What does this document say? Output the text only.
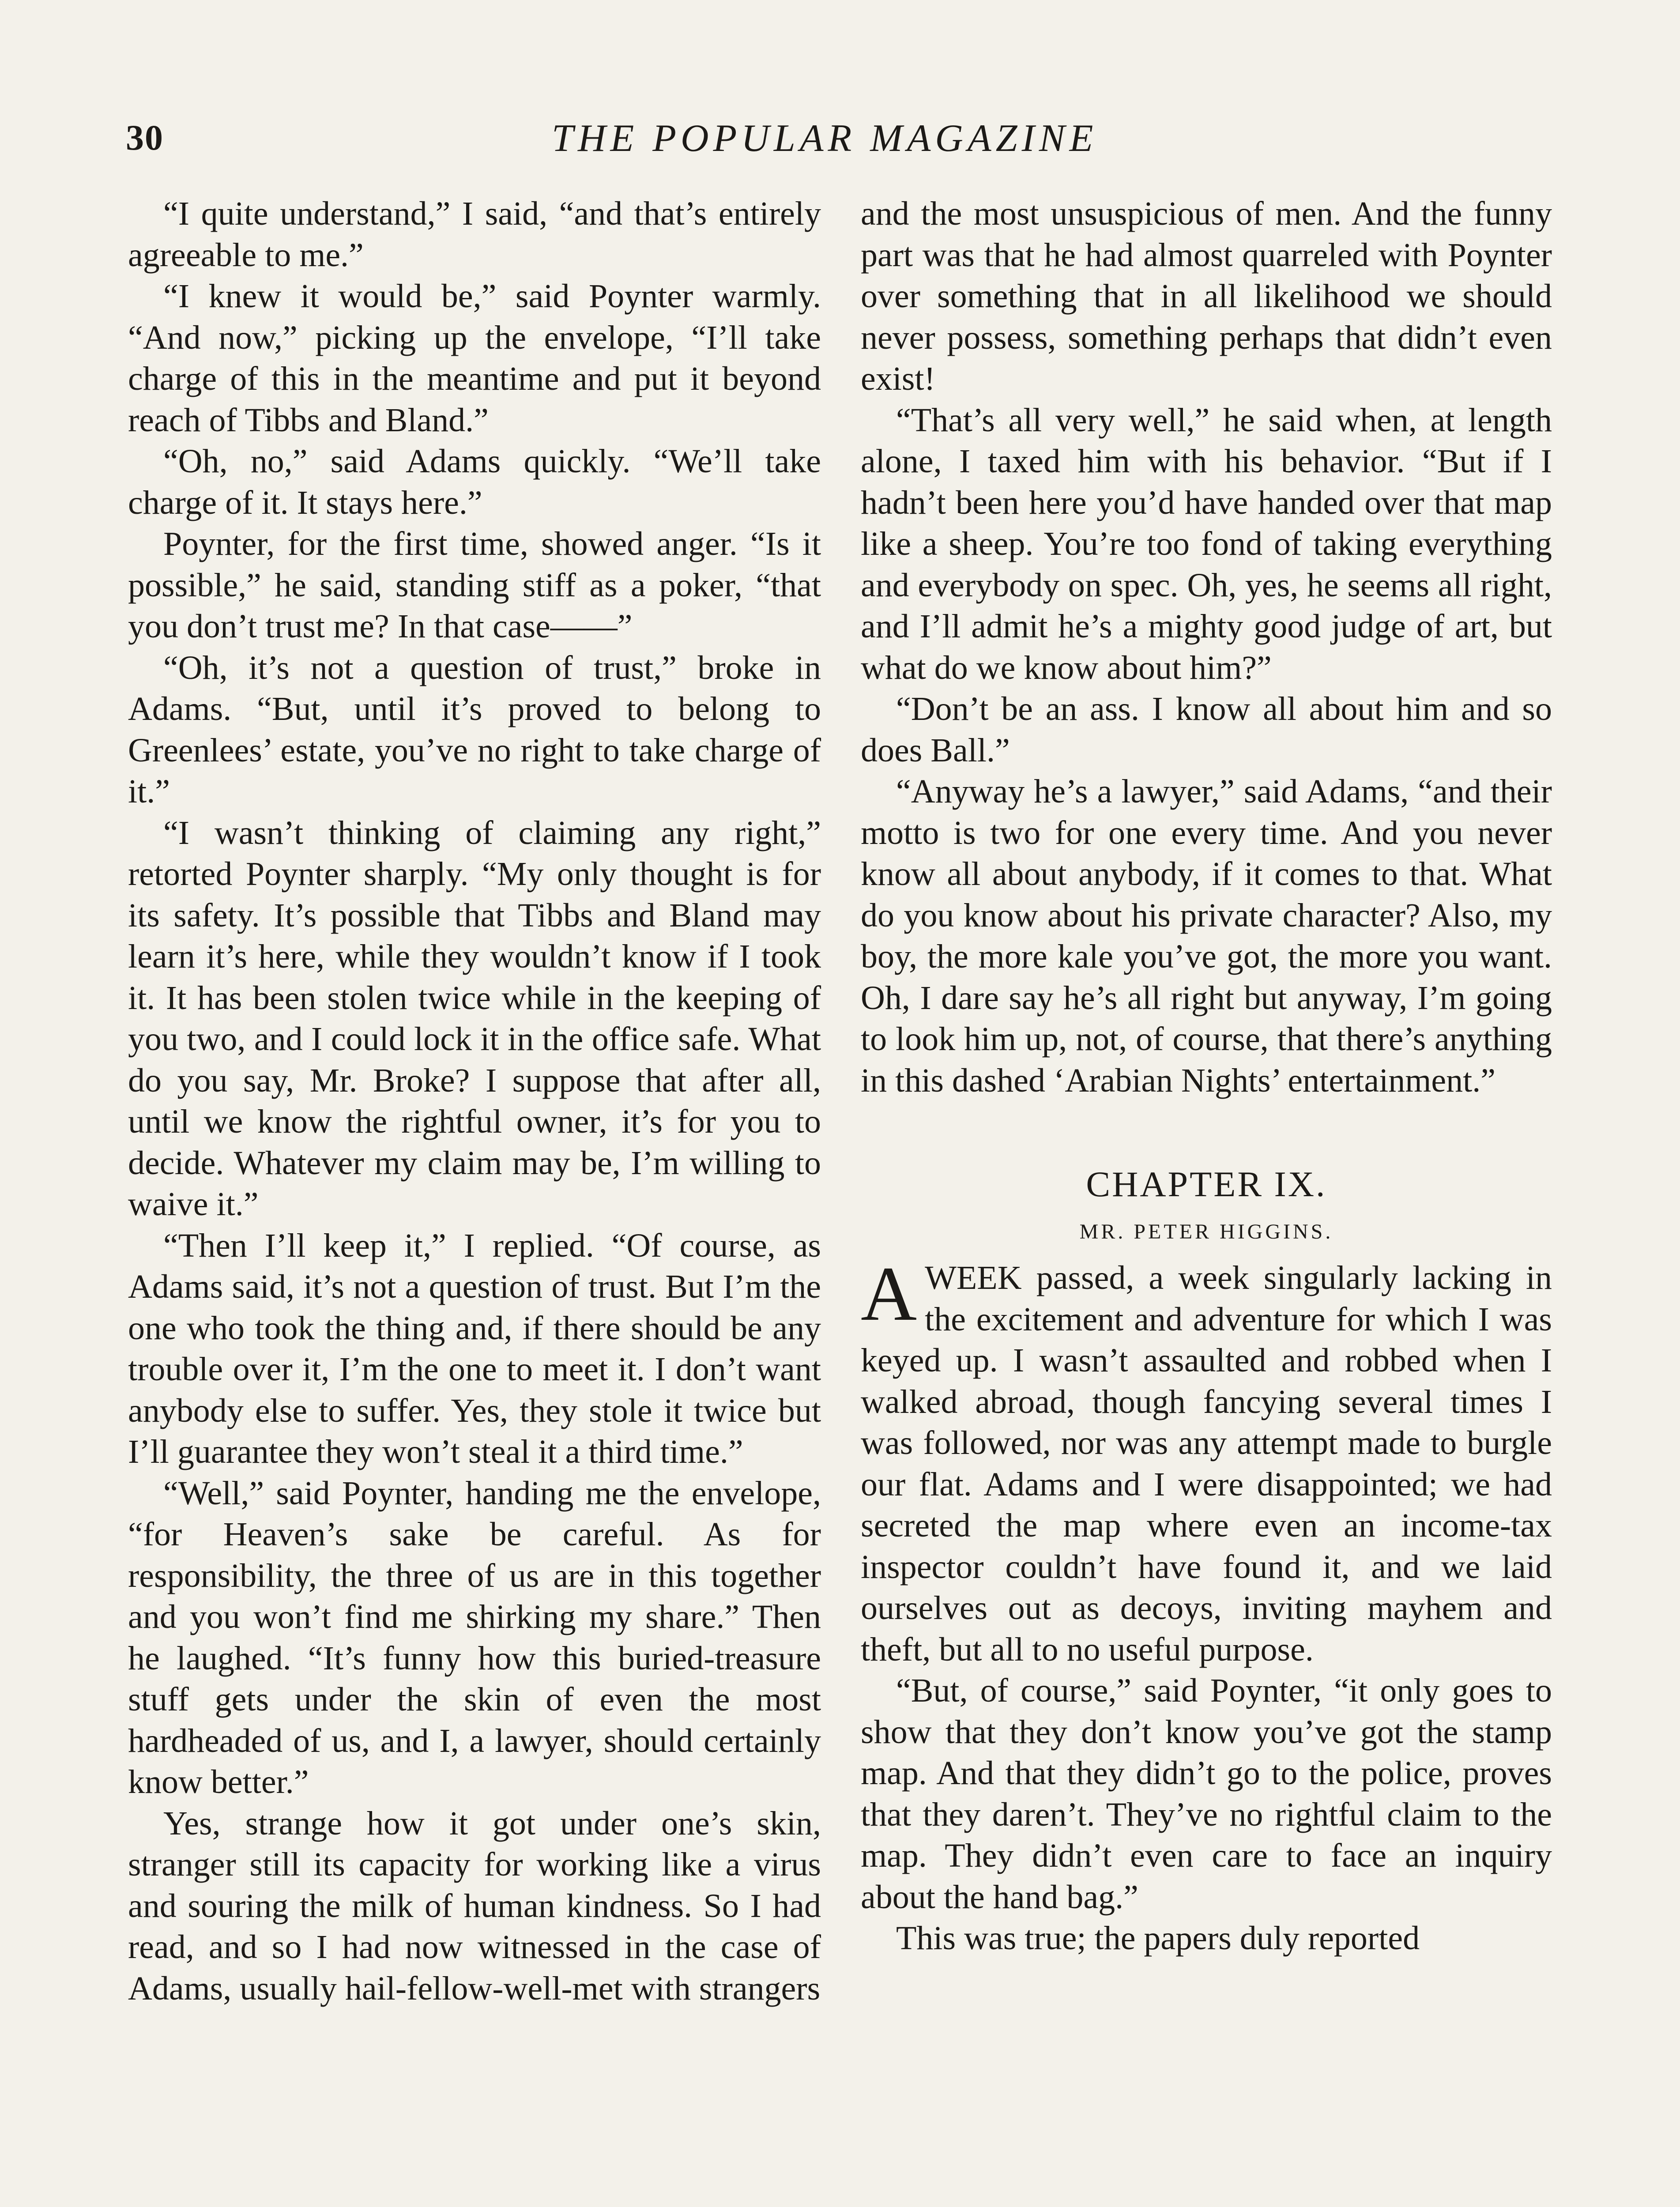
30	THE POPULAR MAGAZINE

“I quite understand,” I said, “and that’s entirely agreeable to me.”

“I knew it would be,” said Poynter warmly. “And now,” picking up the envelope, “I’ll take charge of this in the meantime and put it beyond reach of Tibbs and Bland.”

“Oh, no,” said Adams quickly. “We’ll take charge of it. It stays here.”

Poynter, for the first time, showed anger. “Is it possible,” he said, standing stiff as a poker, “that you don’t trust me? In that case——”

“Oh, it’s not a question of trust,” broke in Adams. “But, until it’s proved to belong to Greenlees’ estate, you’ve no right to take charge of it.”

“I wasn’t thinking of claiming any right,” retorted Poynter sharply. “My only thought is for its safety. It’s possible that Tibbs and Bland may learn it’s here, while they wouldn’t know if I took it. It has been stolen twice while in the keeping of you two, and I could lock it in the office safe. What do you say, Mr. Broke? I suppose that after all, until we know the rightful owner, it’s for you to decide. Whatever my claim may be, I’m willing to waive it.”

“Then I’ll keep it,” I replied. “Of course, as Adams said, it’s not a question of trust. But I’m the one who took the thing and, if there should be any trouble over it, I’m the one to meet it. I don’t want anybody else to suffer. Yes, they stole it twice but I’ll guarantee they won’t steal it a third time.”

“Well,” said Poynter, handing me the envelope, “for Heaven’s sake be careful. As for responsibility, the three of us are in this together and you won’t find me shirking my share.” Then he laughed. “It’s funny how this buried-treasure stuff gets under the skin of even the most hardheaded of us, and I, a lawyer, should certainly know better.”

Yes, strange how it got under one’s skin, stranger still its capacity for working like a virus and souring the milk of human kindness. So I had read, and so I had now witnessed in the case of Adams, usually hail-fellow-well-met with strangers

and the most unsuspicious of men. And the funny part was that he had almost quarreled with Poynter over something that in all likelihood we should never possess, something perhaps that didn’t even exist!

“That’s all very well,” he said when, at length alone, I taxed him with his behavior. “But if I hadn’t been here you’d have handed over that map like a sheep. You’re too fond of taking everything and everybody on spec. Oh, yes, he seems all right, and I’ll admit he’s a mighty good judge of art, but what do we know about him?”

“Don’t be an ass. I know all about him and so does Ball.”

“Anyway he’s a lawyer,” said Adams, “and their motto is two for one every time. And you never know all about anybody, if it comes to that. What do you know about his private character? Also, my boy, the more kale you’ve got, the more you want. Oh, I dare say he’s all right but anyway, I’m going to look him up, not, of course, that there’s anything in this dashed ‘Arabian Nights’ entertainment.”

CHAPTER IX.
MR. PETER HIGGINS.

A WEEK passed, a week singularly lacking in the excitement and adventure for which I was keyed up. I wasn’t assaulted and robbed when I walked abroad, though fancying several times I was followed, nor was any attempt made to burgle our flat. Adams and I were disappointed; we had secreted the map where even an income-tax inspector couldn’t have found it, and we laid ourselves out as decoys, inviting mayhem and theft, but all to no useful purpose.

“But, of course,” said Poynter, “it only goes to show that they don’t know you’ve got the stamp map. And that they didn’t go to the police, proves that they daren’t. They’ve no rightful claim to the map. They didn’t even care to face an inquiry about the hand bag.”

This was true; the papers duly reported
